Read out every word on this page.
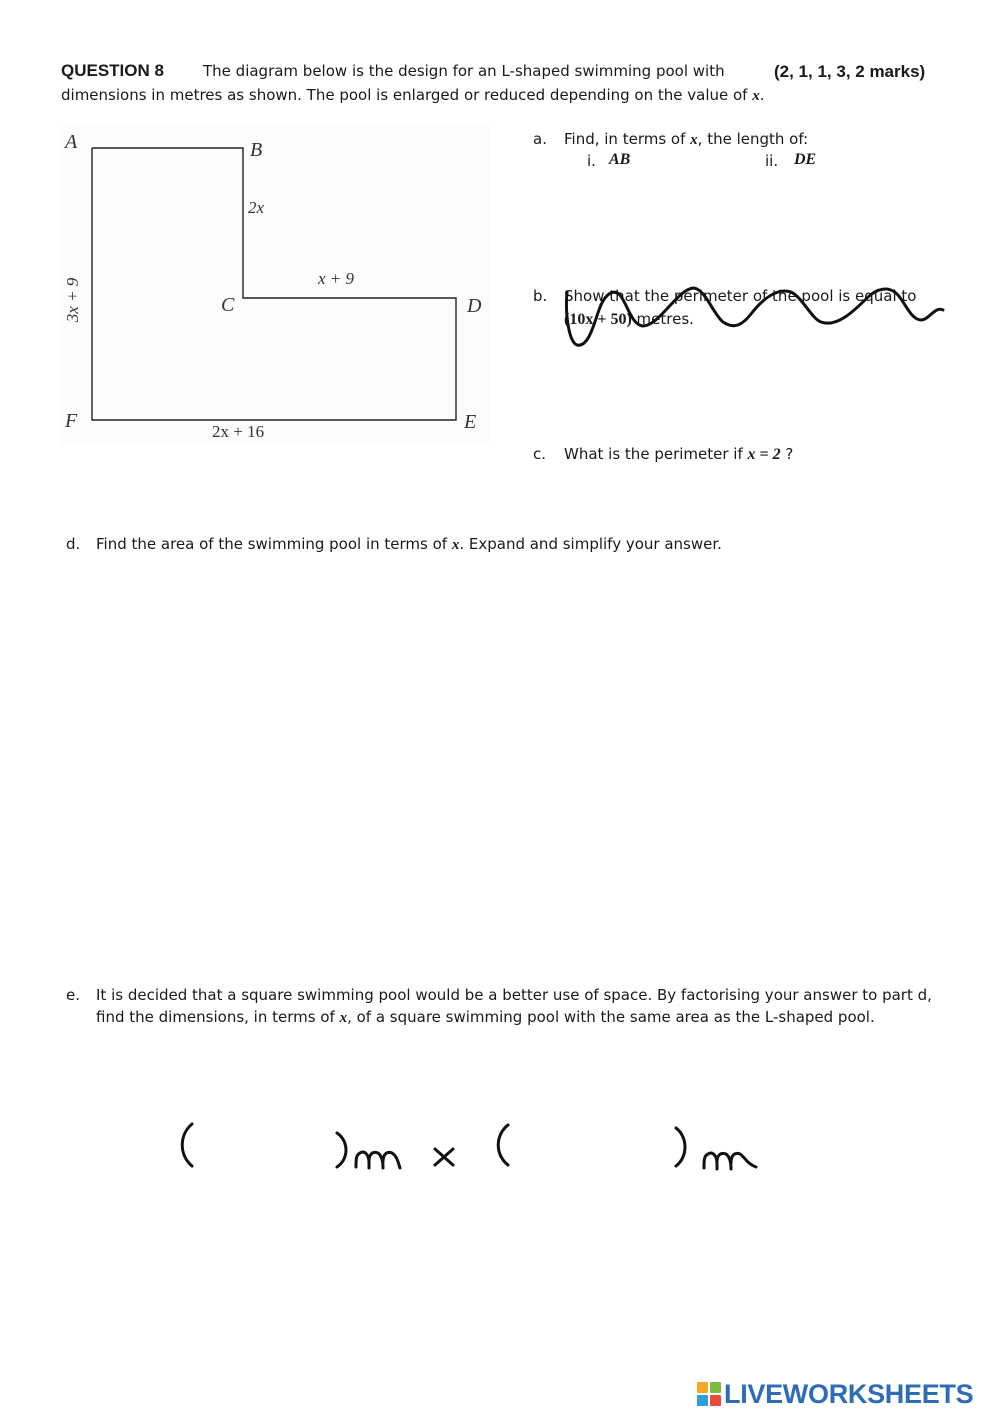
QUESTION 8	The diagram below is the design for an L-shaped swimming pool with	(2, 1, 1, 3, 2 marks)
dimensions in metres as shown. The pool is enlarged or reduced depending on the value of x.
A	B
C	D
E
F
2x
x + 9
3x + 9
2x + 16
a. Find, in terms of x, the length of:
i. AB	ii. DE
b. Show that the perimeter of the pool is equal to
(10x + 50) metres.
c. What is the perimeter if x = 2 ?
d. Find the area of the swimming pool in terms of x. Expand and simplify your answer.
e. It is decided that a square swimming pool would be a better use of space. By factorising your answer to part d,
find the dimensions, in terms of x, of a square swimming pool with the same area as the L-shaped pool.
LIVEWORKSHEETS
